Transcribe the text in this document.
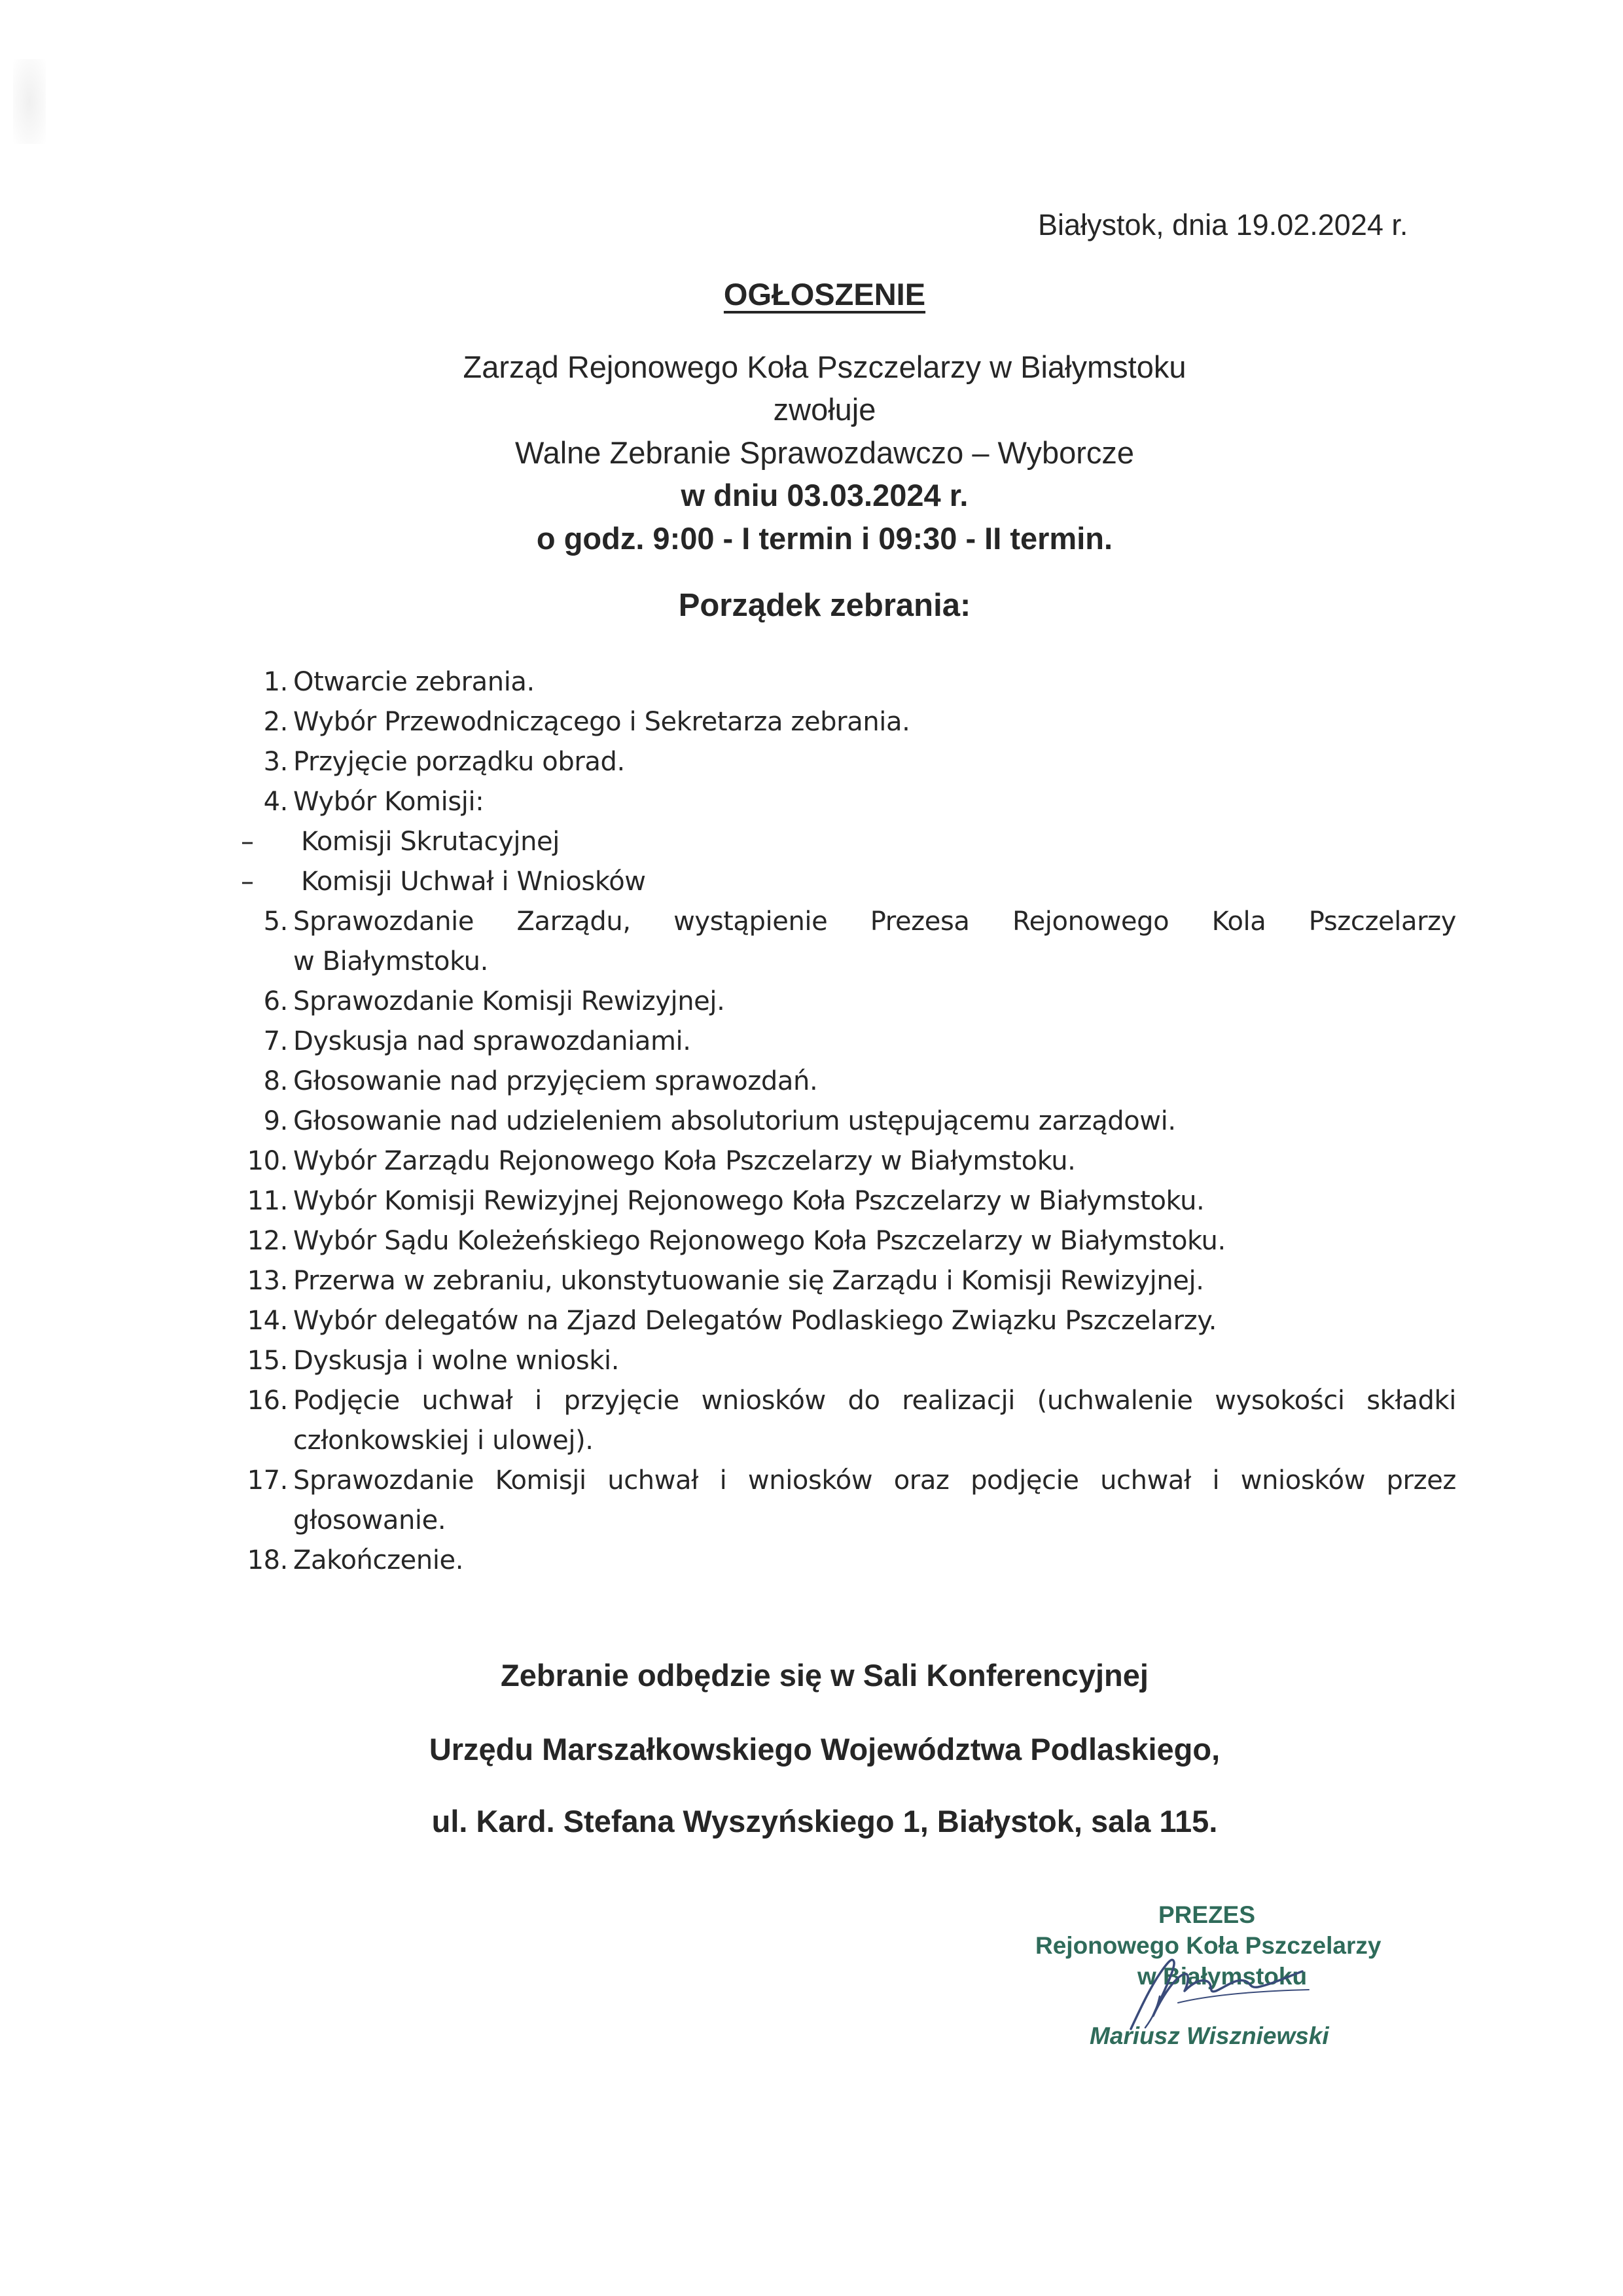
Białystok, dnia 19.02.2024 r.
OGŁOSZENIE
Zarząd Rejonowego Koła Pszczelarzy w Białymstoku
zwołuje
Walne Zebranie Sprawozdawczo – Wyborcze
w dniu 03.03.2024 r.
o godz. 9:00 - I termin i 09:30 - II termin.
Porządek zebrania:
1. Otwarcie zebrania.
2. Wybór Przewodniczącego i Sekretarza zebrania.
3. Przyjęcie porządku obrad.
4. Wybór Komisji:
–	Komisji Skrutacyjnej
–	Komisji Uchwał i Wniosków
5. Sprawozdanie Zarządu, wystąpienie Prezesa Rejonowego Kola Pszczelarzy
w Białymstoku.
6. Sprawozdanie Komisji Rewizyjnej.
7. Dyskusja nad sprawozdaniami.
8. Głosowanie nad przyjęciem sprawozdań.
9. Głosowanie nad udzieleniem absolutorium ustępującemu zarządowi.
10. Wybór Zarządu Rejonowego Koła Pszczelarzy w Białymstoku.
11. Wybór Komisji Rewizyjnej Rejonowego Koła Pszczelarzy w Białymstoku.
12. Wybór Sądu Koleżeńskiego Rejonowego Koła Pszczelarzy w Białymstoku.
13. Przerwa w zebraniu, ukonstytuowanie się Zarządu i Komisji Rewizyjnej.
14. Wybór delegatów na Zjazd Delegatów Podlaskiego Związku Pszczelarzy.
15. Dyskusja i wolne wnioski.
16. Podjęcie uchwał i przyjęcie wniosków do realizacji (uchwalenie wysokości składki
członkowskiej i ulowej).
17. Sprawozdanie Komisji uchwał i wniosków oraz podjęcie uchwał i wniosków przez
głosowanie.
18. Zakończenie.
Zebranie odbędzie się w Sali Konferencyjnej
Urzędu Marszałkowskiego Województwa Podlaskiego,
ul. Kard. Stefana Wyszyńskiego 1, Białystok, sala 115.
PREZES
Rejonowego Koła Pszczelarzy
w Białymstoku
Mariusz Wiszniewski
